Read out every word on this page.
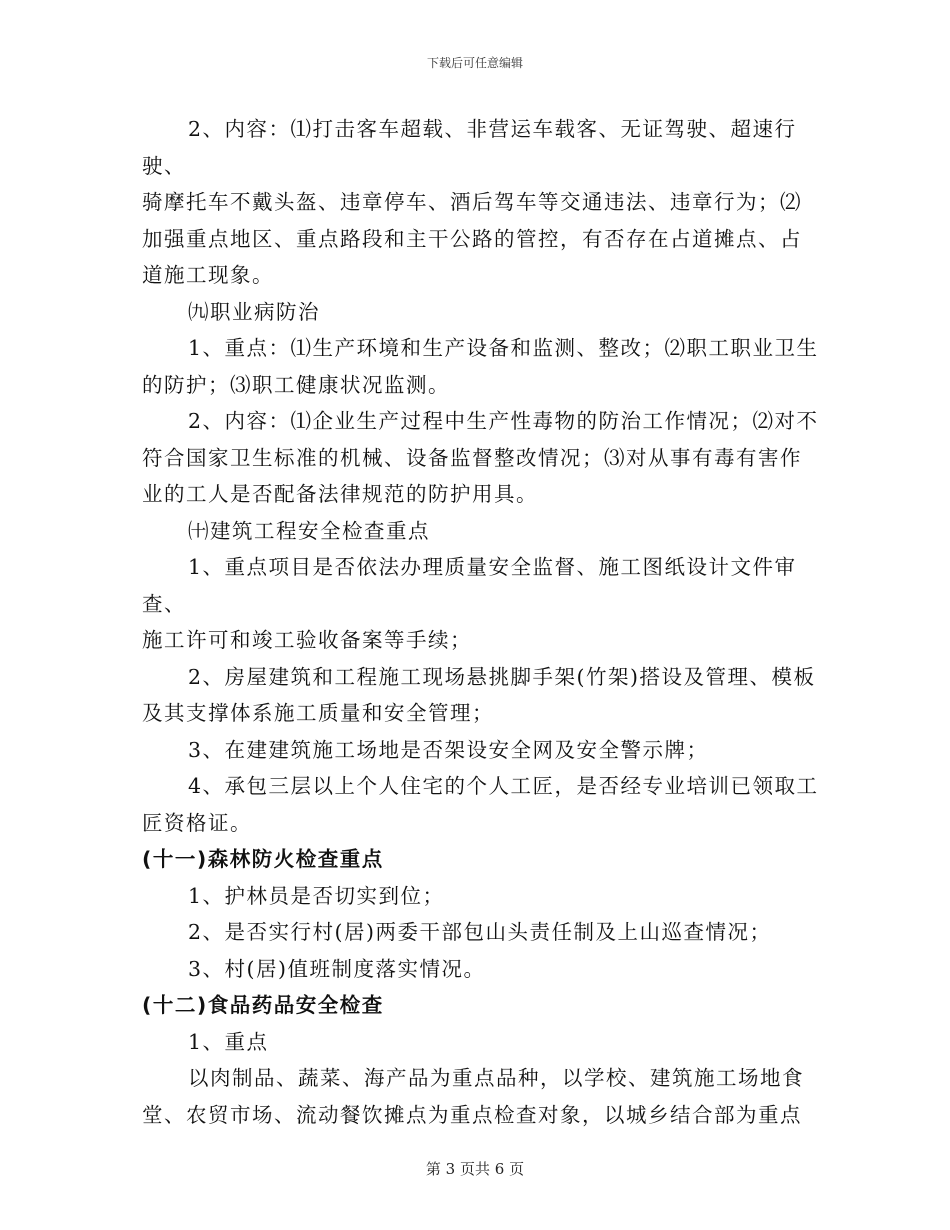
下载后可任意编辑

2、内容：⑴打击客车超载、非营运车载客、无证驾驶、超速行驶、
骑摩托车不戴头盔、违章停车、酒后驾车等交通违法、违章行为；⑵
加强重点地区、重点路段和主干公路的管控，有否存在占道摊点、占
道施工现象。

㈨职业病防治

1、重点：⑴生产环境和生产设备和监测、整改；⑵职工职业卫生
的防护；⑶职工健康状况监测。

2、内容：⑴企业生产过程中生产性毒物的防治工作情况；⑵对不
符合国家卫生标准的机械、设备监督整改情况；⑶对从事有毒有害作
业的工人是否配备法律规范的防护用具。

㈩建筑工程安全检查重点

1、重点项目是否依法办理质量安全监督、施工图纸设计文件审查、
施工许可和竣工验收备案等手续；

2、房屋建筑和工程施工现场悬挑脚手架(竹架)搭设及管理、模板
及其支撑体系施工质量和安全管理；

3、在建建筑施工场地是否架设安全网及安全警示牌；

4、承包三层以上个人住宅的个人工匠，是否经专业培训已领取工
匠资格证。

(十一)森林防火检查重点

1、护林员是否切实到位；

2、是否实行村(居)两委干部包山头责任制及上山巡查情况；

3、村(居)值班制度落实情况。

(十二)食品药品安全检查

1、重点

以肉制品、蔬菜、海产品为重点品种，以学校、建筑施工场地食
堂、农贸市场、流动餐饮摊点为重点检查对象，以城乡结合部为重点

第 3 页共 6 页
